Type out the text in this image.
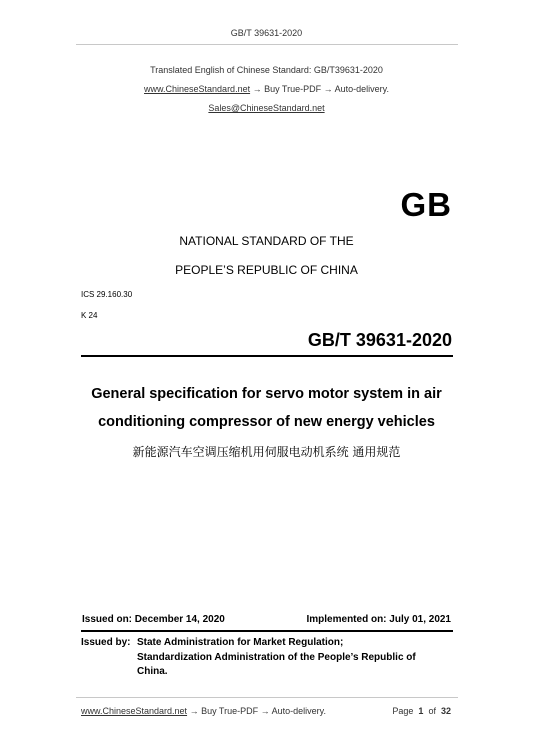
GB/T 39631-2020
Translated English of Chinese Standard: GB/T39631-2020
www.ChineseStandard.net → Buy True-PDF → Auto-delivery.
Sales@ChineseStandard.net
GB
NATIONAL STANDARD OF THE
PEOPLE’S REPUBLIC OF CHINA
ICS 29.160.30
K 24
GB/T 39631-2020
General specification for servo motor system in air
conditioning compressor of new energy vehicles
新能源汽车空调压缩机用伺服电动机系统 通用规范
Issued on: December 14, 2020	Implemented on: July 01, 2021
Issued by: State Administration for Market Regulation;
Standardization Administration of the People’s Republic of
China.
www.ChineseStandard.net → Buy True-PDF → Auto-delivery.	Page 1 of 32
